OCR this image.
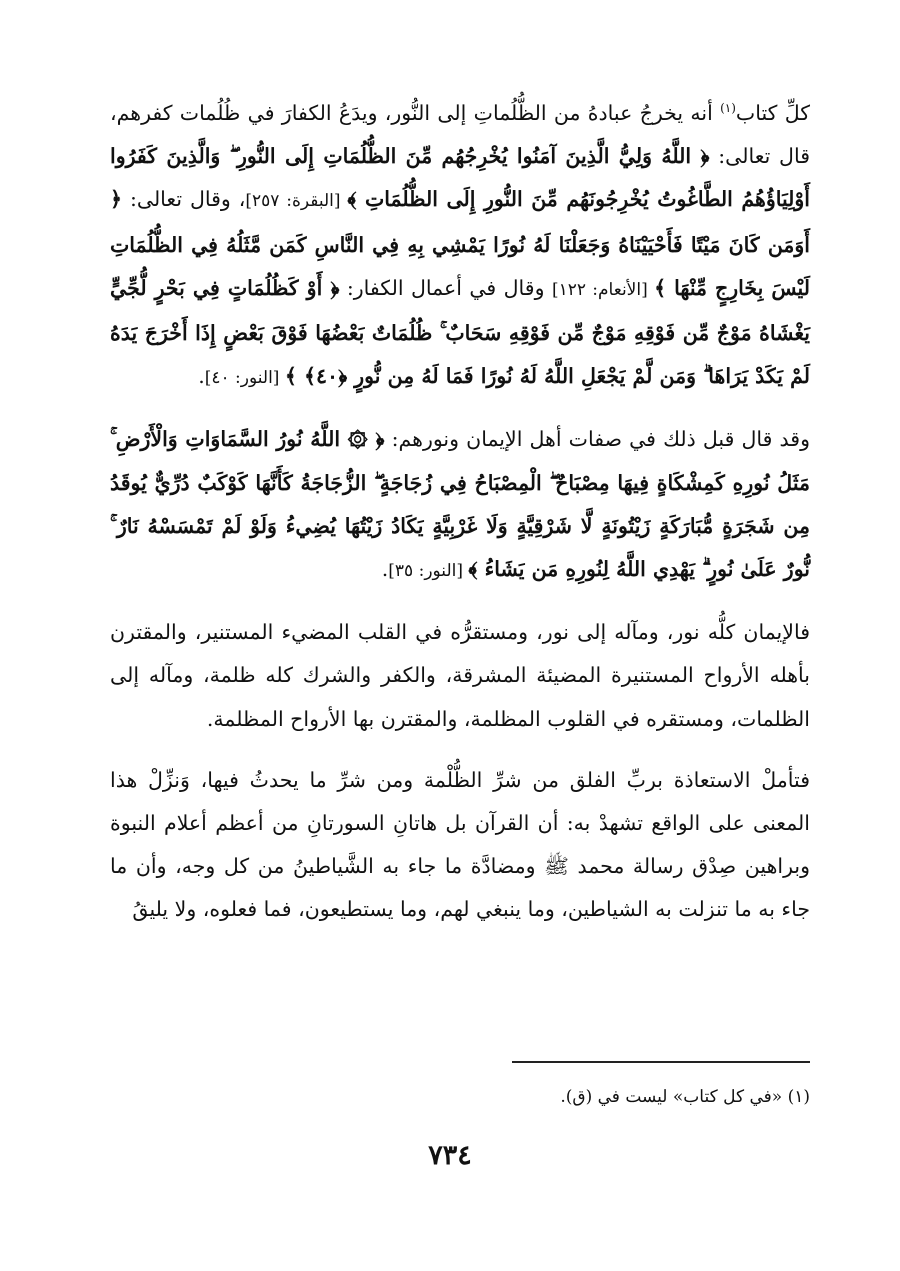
كلِّ كتاب$^{(١)}$ أنه يخرجُ عبادهُ من الظُّلُماتِ إلى النُّور، ويدَعُ الكفارَ في ظُلُمات كفرهم، قال تعالى: ﴿ اللَّهُ وَلِيُّ الَّذِينَ آمَنُوا يُخْرِجُهُم مِّنَ الظُّلُمَاتِ إِلَى النُّورِ ۖ وَالَّذِينَ كَفَرُوا أَوْلِيَاؤُهُمُ الطَّاغُوتُ يُخْرِجُونَهُم مِّنَ النُّورِ إِلَى الظُّلُمَاتِ ﴾ [البقرة: ٢٥٧]، وقال تعالى: ﴿ أَوَمَن كَانَ مَيْتًا فَأَحْيَيْنَاهُ وَجَعَلْنَا لَهُ نُورًا يَمْشِي بِهِ فِي النَّاسِ كَمَن مَّثَلُهُ فِي الظُّلُمَاتِ لَيْسَ بِخَارِجٍ مِّنْهَا ﴾ [الأنعام: ١٢٢] وقال في أعمال الكفار: ﴿ أَوْ كَظُلُمَاتٍ فِي بَحْرٍ لُّجِّيٍّ يَغْشَاهُ مَوْجٌ مِّن فَوْقِهِ مَوْجٌ مِّن فَوْقِهِ سَحَابٌ ۚ ظُلُمَاتٌ بَعْضُهَا فَوْقَ بَعْضٍ إِذَا أَخْرَجَ يَدَهُ لَمْ يَكَدْ يَرَاهَا ۗ وَمَن لَّمْ يَجْعَلِ اللَّهُ لَهُ نُورًا فَمَا لَهُ مِن نُّورٍ ﴿٤٠﴾ ﴾ [النور: ٤٠].

وقد قال قبل ذلك في صفات أهل الإيمان ونورهم: ﴿ ۞ اللَّهُ نُورُ السَّمَاوَاتِ وَالْأَرْضِ ۚ مَثَلُ نُورِهِ كَمِشْكَاةٍ فِيهَا مِصْبَاحٌ ۖ الْمِصْبَاحُ فِي زُجَاجَةٍ ۖ الزُّجَاجَةُ كَأَنَّهَا كَوْكَبٌ دُرِّيٌّ يُوقَدُ مِن شَجَرَةٍ مُّبَارَكَةٍ زَيْتُونَةٍ لَّا شَرْقِيَّةٍ وَلَا غَرْبِيَّةٍ يَكَادُ زَيْتُهَا يُضِيءُ وَلَوْ لَمْ تَمْسَسْهُ نَارٌ ۚ نُّورٌ عَلَىٰ نُورٍ ۗ يَهْدِي اللَّهُ لِنُورِهِ مَن يَشَاءُ ﴾ [النور: ٣٥].

فالإيمان كلُّه نور، ومآله إلى نور، ومستقرُّه في القلب المضيء المستنير، والمقترن بأهله الأرواح المستنيرة المضيئة المشرقة، والكفر والشرك كله ظلمة، ومآله إلى الظلمات، ومستقره في القلوب المظلمة، والمقترن بها الأرواح المظلمة.

فتأملْ الاستعاذة بربِّ الفلق من شرِّ الظُّلْمة ومن شرِّ ما يحدثُ فيها، وَنزِّلْ هذا المعنى على الواقع تشهدْ به: أن القرآن بل هاتانِ السورتانِ من أعظم أعلام النبوة وبراهين صِدْق رسالة محمد ﷺ ومضادَّة ما جاء به الشَّياطينُ من كل وجه، وأن ما جاء به ما تنزلت به الشياطين، وما ينبغي لهم، وما يستطيعون، فما فعلوه، ولا يليقُ

(١) «في كل كتاب» ليست في (ق).
٧٣٤
